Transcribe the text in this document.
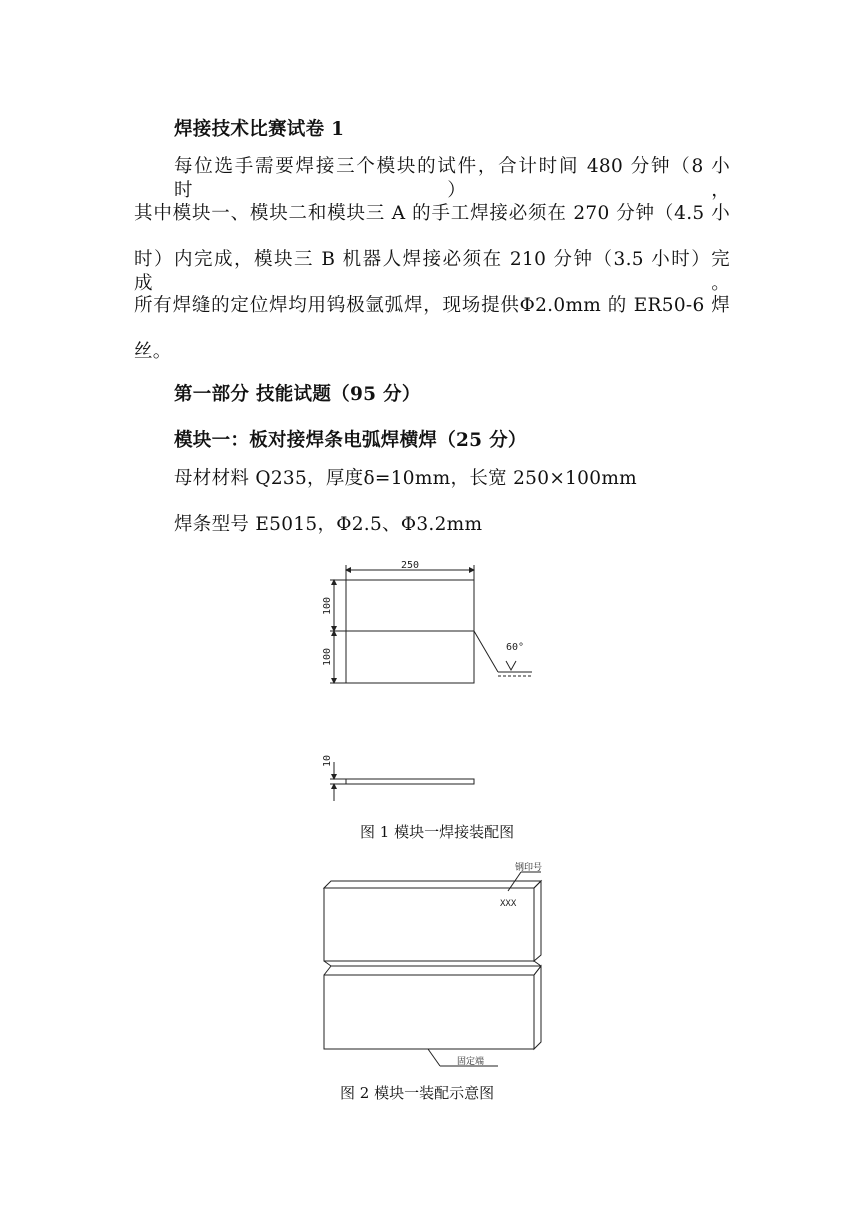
焊接技术比赛试卷 1
每位选手需要焊接三个模块的试件，合计时间 480 分钟（8 小时），
其中模块一、模块二和模块三 A 的手工焊接必须在 270 分钟（4.5 小
时）内完成，模块三 B 机器人焊接必须在 210 分钟（3.5 小时）完成。
所有焊缝的定位焊均用钨极氩弧焊，现场提供Φ2.0mm 的 ER50-6 焊
丝。
第一部分 技能试题（95 分）
模块一：板对接焊条电弧焊横焊（25 分）
母材材料 Q235，厚度δ=10mm，长宽 250×100mm
焊条型号 E5015，Φ2.5、Φ3.2mm
250
100
100
60°
10
图 1 模块一焊接装配图
钢印号
XXX
固定端
图 2 模块一装配示意图
